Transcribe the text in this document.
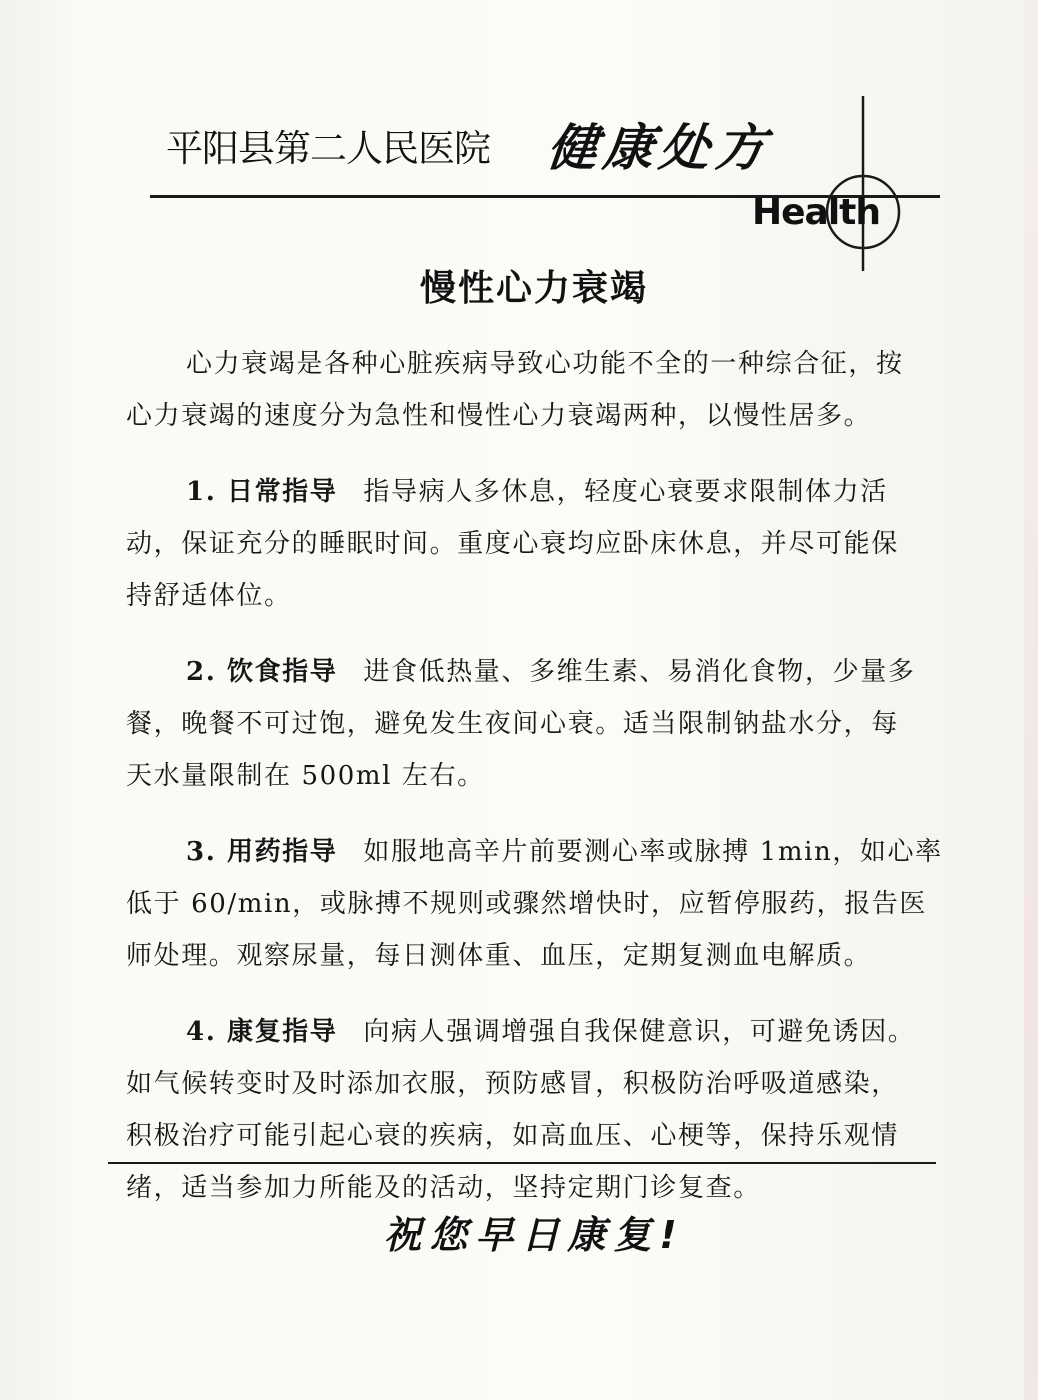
平阳县第二人民医院 健康处方
Health
慢性心力衰竭
心力衰竭是各种心脏疾病导致心功能不全的一种综合征，按
心力衰竭的速度分为急性和慢性心力衰竭两种，以慢性居多。
1. 日常指导 指导病人多休息，轻度心衰要求限制体力活
动，保证充分的睡眠时间。重度心衰均应卧床休息，并尽可能保
持舒适体位。
2. 饮食指导 进食低热量、多维生素、易消化食物，少量多
餐，晚餐不可过饱，避免发生夜间心衰。适当限制钠盐水分，每
天水量限制在 500ml 左右。
3. 用药指导 如服地高辛片前要测心率或脉搏 1min，如心率
低于 60/min，或脉搏不规则或骤然增快时，应暂停服药，报告医
师处理。观察尿量，每日测体重、血压，定期复测血电解质。
4. 康复指导 向病人强调增强自我保健意识，可避免诱因。
如气候转变时及时添加衣服，预防感冒，积极防治呼吸道感染，
积极治疗可能引起心衰的疾病，如高血压、心梗等，保持乐观情
绪，适当参加力所能及的活动，坚持定期门诊复查。
祝您早日康复!
